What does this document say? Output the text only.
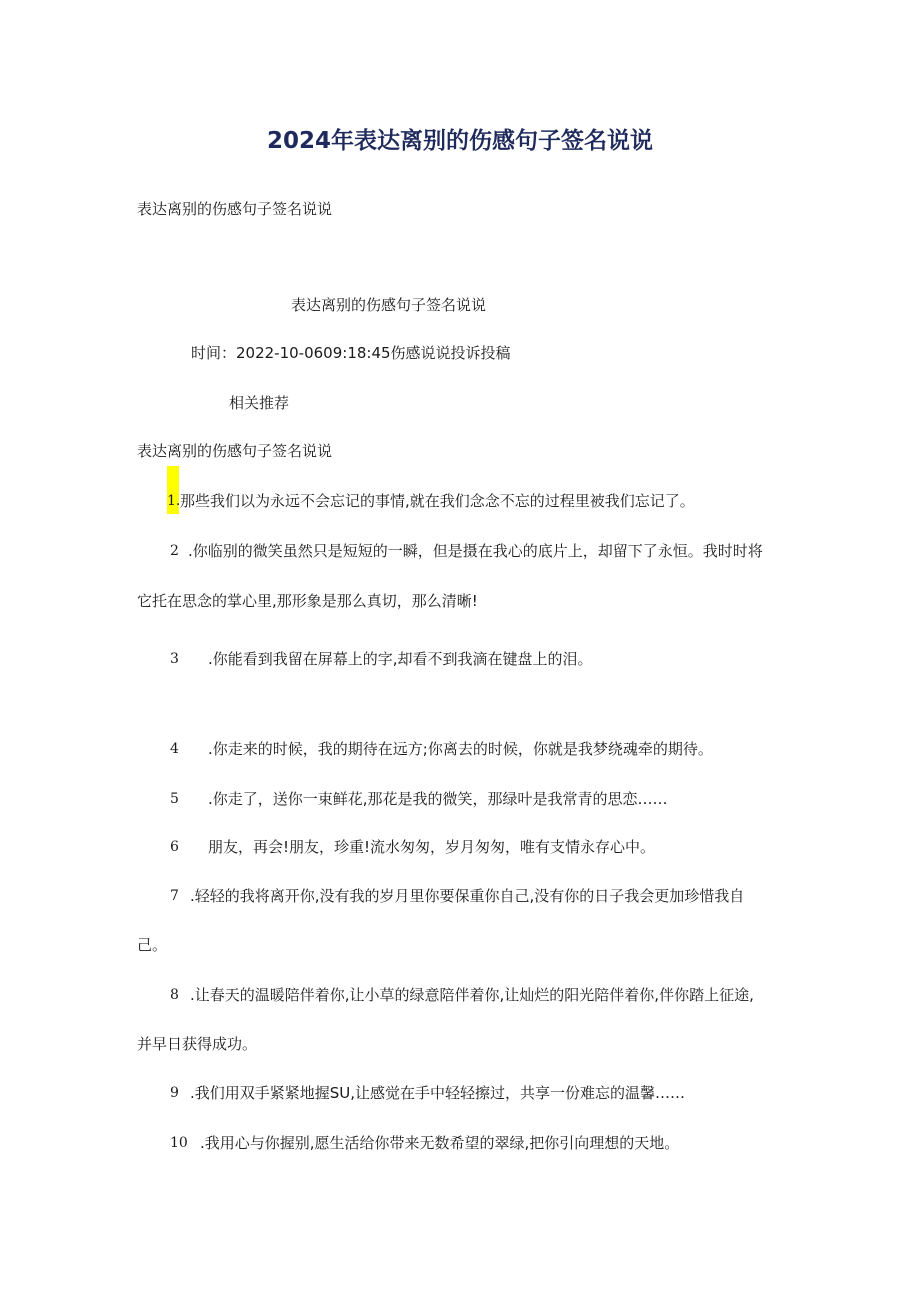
2024年表达离别的伤感句子签名说说
表达离别的伤感句子签名说说
表达离别的伤感句子签名说说
时间：2022-10-0609:18:45伤感说说投诉投稿
相关推荐
表达离别的伤感句子签名说说
1. 那些我们以为永远不会忘记的事情,就在我们念念不忘的过程里被我们忘记了。
2 .你临别的微笑虽然只是短短的一瞬，但是摄在我心的底片上，却留下了永恒。我时时将
它托在思念的掌心里,那形象是那么真切，那么清晰!
3 .你能看到我留在屏幕上的字,却看不到我滴在键盘上的泪。
4 .你走来的时候，我的期待在远方;你离去的时候，你就是我梦绕魂牵的期待。
5 .你走了，送你一束鲜花,那花是我的微笑，那绿叶是我常青的思恋……
6 朋友，再会!朋友，珍重!流水匆匆，岁月匆匆，唯有支情永存心中。
7 .轻轻的我将离开你,没有我的岁月里你要保重你自己,没有你的日子我会更加珍惜我自
己。
8 .让春天的温暖陪伴着你,让小草的绿意陪伴着你,让灿烂的阳光陪伴着你,伴你踏上征途,
并早日获得成功。
9 .我们用双手紧紧地握SU,让感觉在手中轻轻擦过，共享一份难忘的温馨……
10 .我用心与你握别,愿生活给你带来无数希望的翠绿,把你引向理想的天地。
